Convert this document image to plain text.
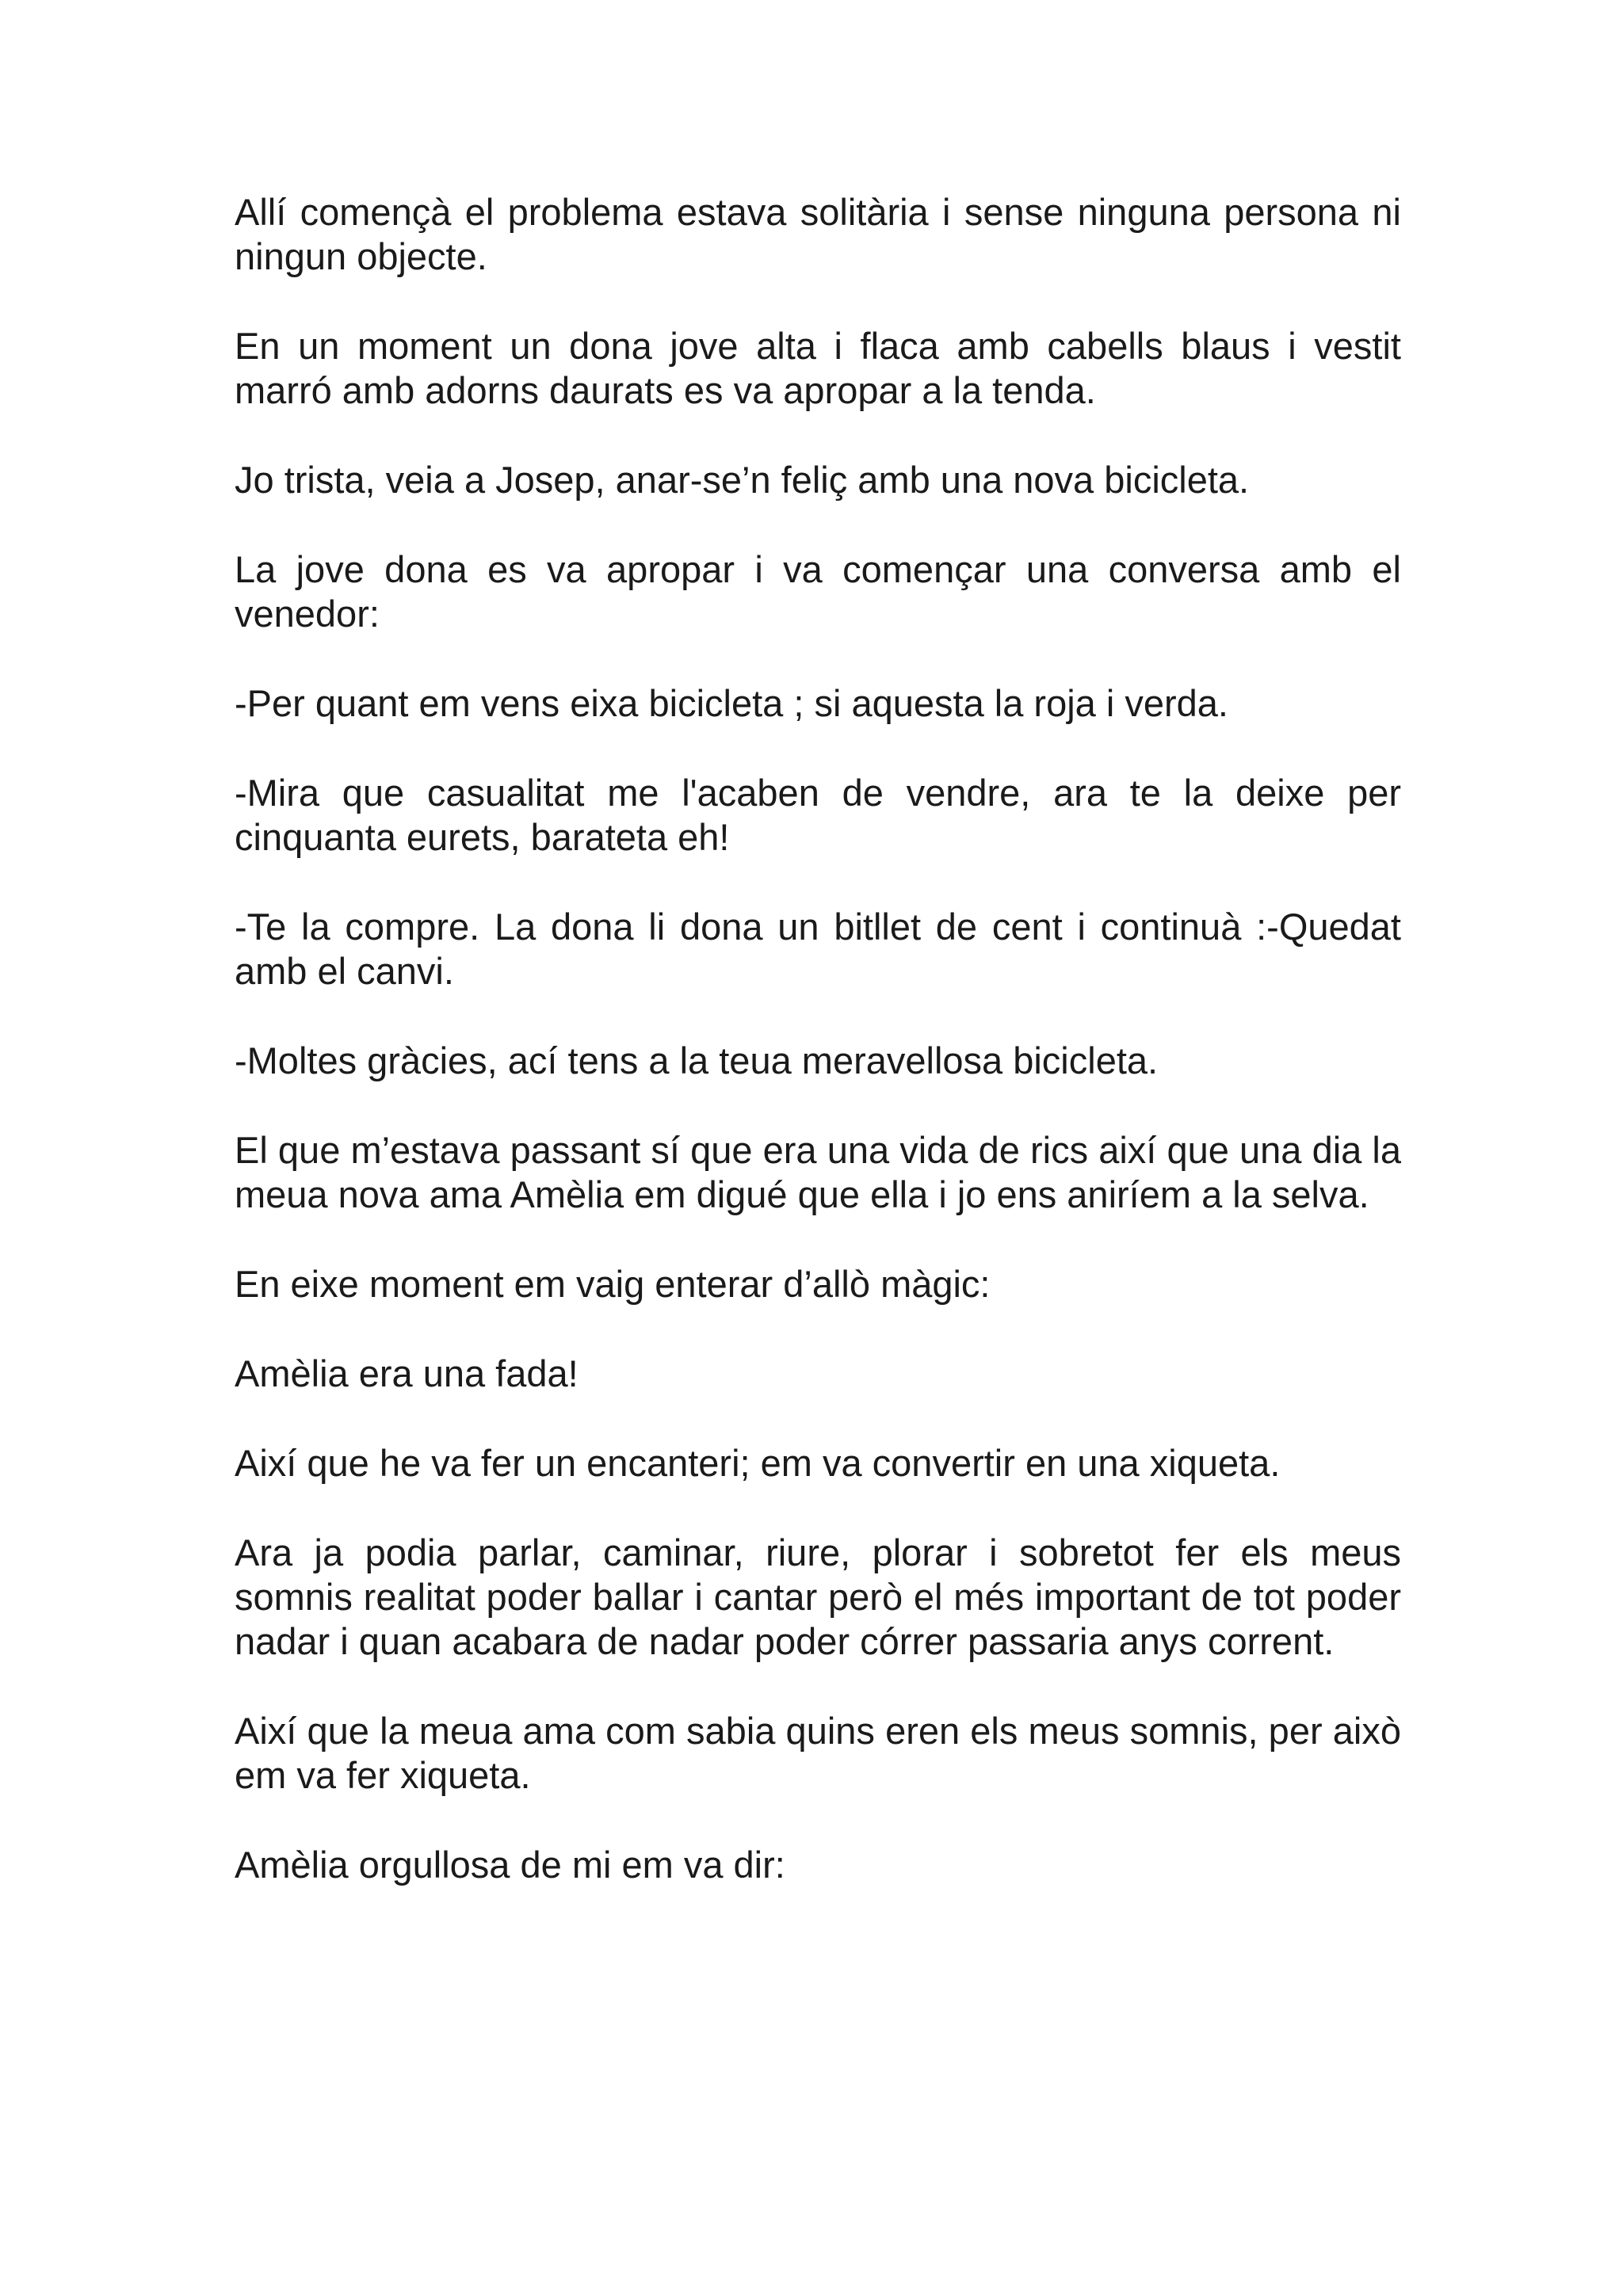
Allí començà el problema estava solitària i sense ninguna persona ni ningun objecte.

En un moment un dona jove alta i flaca amb cabells blaus i vestit marró amb adorns daurats es va apropar a la tenda.

Jo trista, veia a Josep, anar-se’n feliç amb una nova bicicleta.

La jove dona es va apropar i va començar una conversa amb el venedor:

-Per quant em vens eixa bicicleta ; si aquesta la roja i verda.

-Mira que casualitat me l'acaben de vendre, ara te la deixe per cinquanta eurets, barateta eh!

-Te la compre. La dona li dona un bitllet de cent i continuà :-Quedat amb el canvi.

-Moltes gràcies, ací tens a la teua meravellosa bicicleta.

El que m’estava passant sí que era una vida de rics així que una dia la meua nova ama Amèlia em digué que ella i jo ens aniríem a la selva.

En eixe moment em vaig enterar d’allò màgic:

Amèlia era una fada!

Així que he va fer un encanteri; em va convertir en una xiqueta.

Ara ja podia parlar, caminar, riure, plorar i sobretot fer els meus somnis realitat poder ballar i cantar però el més important de tot poder nadar i quan acabara de nadar poder córrer passaria anys corrent.

Així que la meua ama com sabia quins eren els meus somnis, per això em va fer xiqueta.

Amèlia orgullosa de mi em va dir:
